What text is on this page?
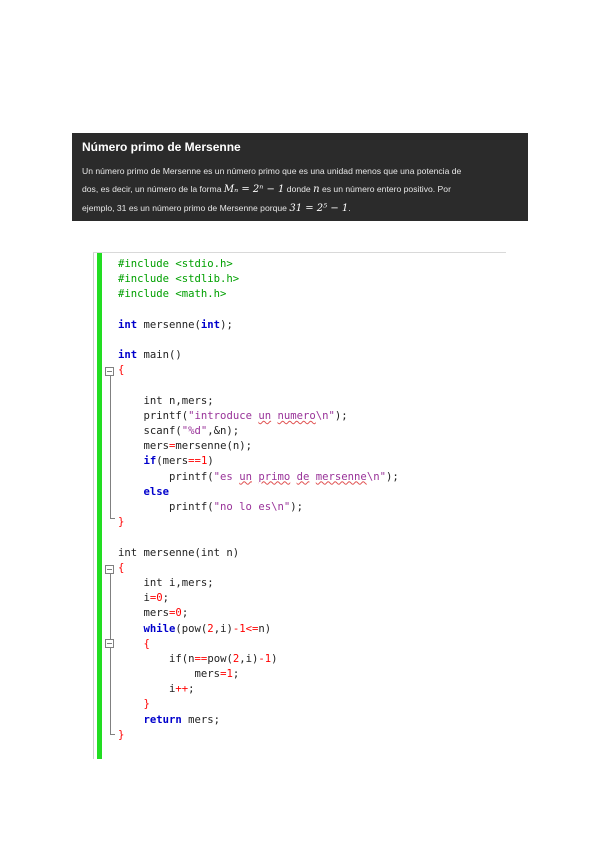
Número primo de Mersenne
Un número primo de Mersenne es un número primo que es una unidad menos que una potencia de
dos, es decir, un número de la forma Mₙ = 2ⁿ − 1 donde n es un número entero positivo. Por
ejemplo, 31 es un número primo de Mersenne porque 31 = 2⁵ − 1.
#include <stdio.h>
#include <stdlib.h>
#include <math.h>

int mersenne(int);

int main()
{

int n,mers;
printf("introduce un numero\n");
scanf("%d",&n);
mers=mersenne(n);
if(mers==1)
printf("es un primo de mersenne\n");
else
printf("no lo es\n");
}

int mersenne(int n)
{
int i,mers;
i=0;
mers=0;
while(pow(2,i)-1<=n)
{
if(n==pow(2,i)-1)
mers=1;
i++;
}
return mers;
}
